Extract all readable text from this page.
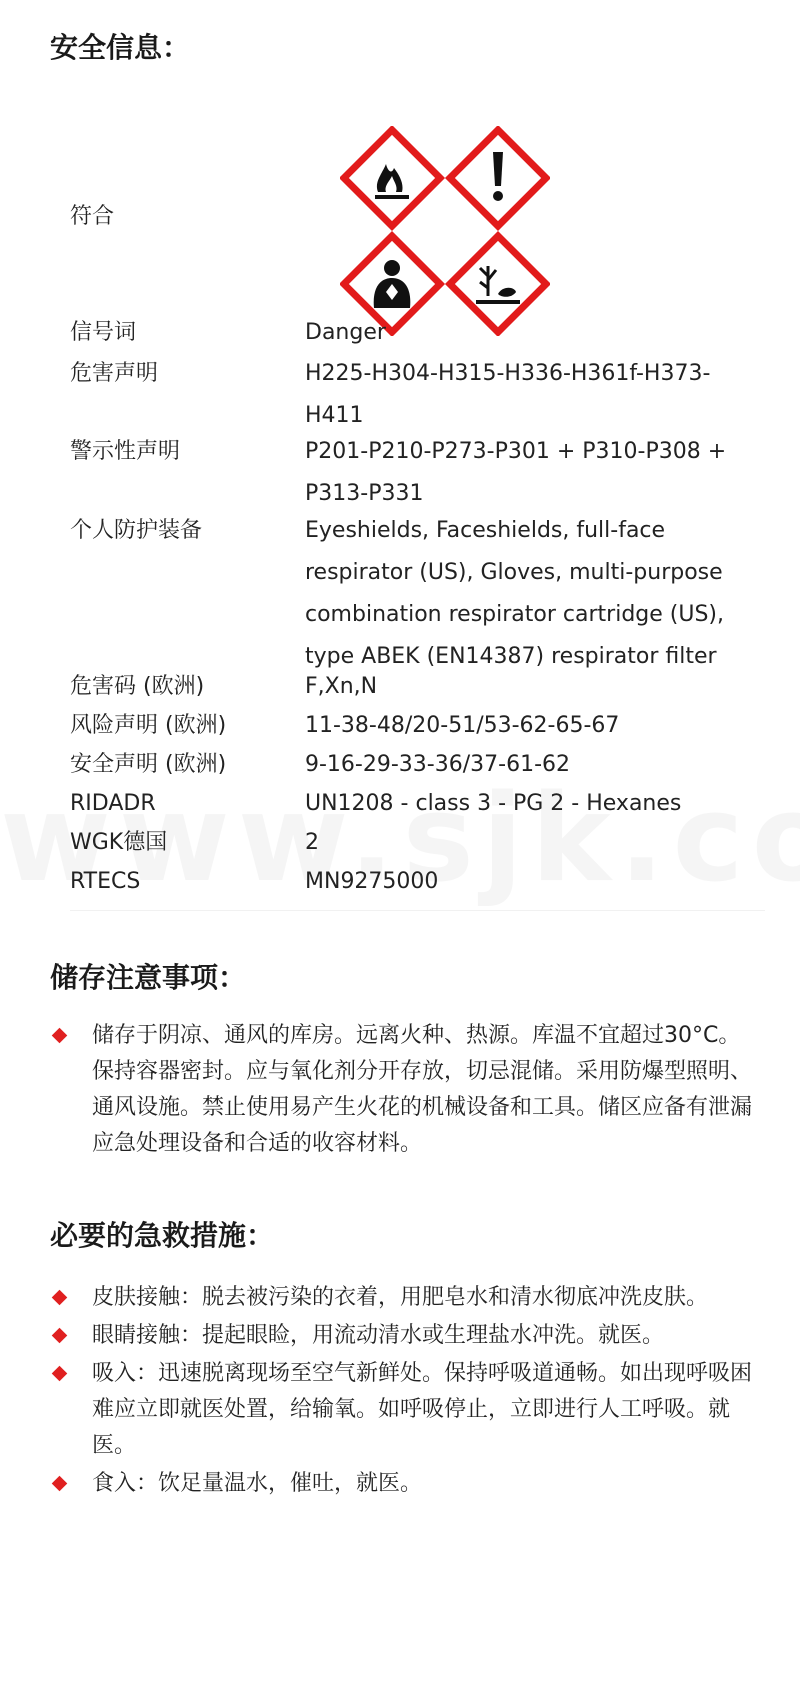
安全信息：
符合
信号词	Danger
危害声明	H225-H304-H315-H336-H361f-H373-H411
警示性声明	P201-P210-P273-P301 + P310-P308 + P313-P331
个人防护装备	Eyeshields, Faceshields, full-face respirator (US), Gloves, multi-purpose combination respirator cartridge (US), type ABEK (EN14387) respirator filter
危害码 (欧洲)	F,Xn,N
风险声明 (欧洲)	11-38-48/20-51/53-62-65-67
安全声明 (欧洲)	9-16-29-33-36/37-61-62
RIDADR	UN1208 - class 3 - PG 2 - Hexanes
WGK德国	2
RTECS	MN9275000
储存注意事项：
储存于阴凉、通风的库房。远离火种、热源。库温不宜超过30°C。保持容器密封。应与氧化剂分开存放，切忌混储。采用防爆型照明、通风设施。禁止使用易产生火花的机械设备和工具。储区应备有泄漏应急处理设备和合适的收容材料。
必要的急救措施：
皮肤接触：脱去被污染的衣着，用肥皂水和清水彻底冲洗皮肤。
眼睛接触：提起眼睑，用流动清水或生理盐水冲洗。就医。
吸入：迅速脱离现场至空气新鲜处。保持呼吸道通畅。如出现呼吸困难应立即就医处置，给输氧。如呼吸停止，立即进行人工呼吸。就医。
食入：饮足量温水，催吐，就医。
